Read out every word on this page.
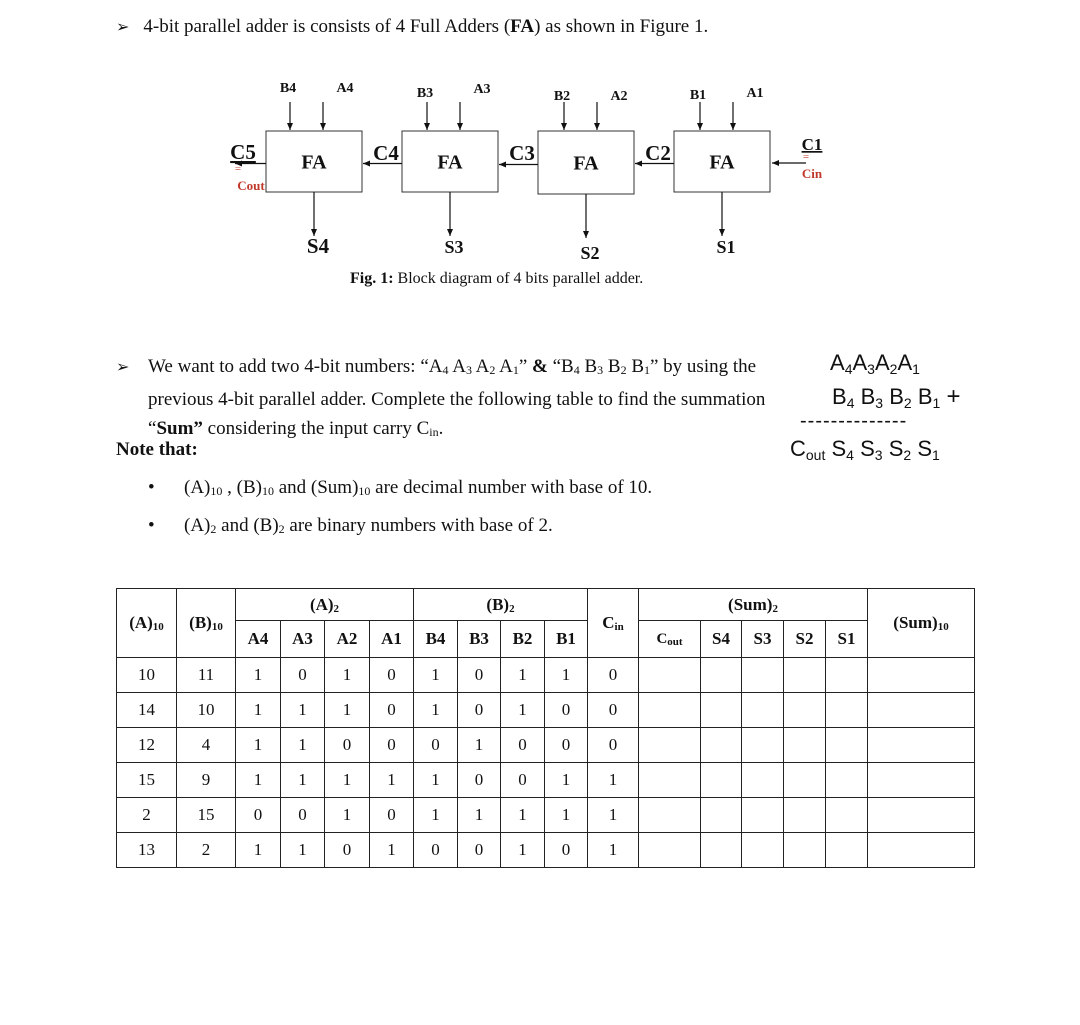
➢ 4-bit parallel adder is consists of 4 Full Adders (FA) as shown in Figure 1.
FA
B4	A4
S4
C5	FA
B3	A3
S3
C4	FA
B2	A2
S2
C3	FA
B1	A1
S1
C2	C1
=
Cin
=
Cout
Fig. 1: Block diagram of 4 bits parallel adder.
➢ We want to add two 4-bit numbers: “$A_4$ $A_3$ $A_2$ $A_1$” & “$B_4$ $B_3$ $B_2$ $B_1$” by using the previous 4-bit parallel adder. Complete the following table to find the summation “Sum” considering the input carry $C_{in}$.
Note that:
• $(A)_{10}$ , $(B)_{10}$ and $(Sum)_{10}$ are decimal number with base of 10.
• $(A)_2$ and $(B)_2$ are binary numbers with base of 2.
$A_4A_3A_2A_1$
$B_4$ $B_3$ $B_2$ $B_1$ +
--------------
$C_{out}$ $S_4$ $S_3$ $S_2$ $S_1$
$(A)_{10}$	$(B)_{10}$	$(A)_2$				$(B)_2$				$C_{in}$	$(Sum)_2$					$(Sum)_{10}$
		A4	A3	A2	A1	B4	B3	B2	B1		$C_{out}$	S4	S3	S2	S1	
10	11	1	0	1	0	1	0	1	1	0						
14	10	1	1	1	0	1	0	1	0	0						
12	4	1	1	0	0	0	1	0	0	0						
15	9	1	1	1	1	1	0	0	1	1						
2	15	0	0	1	0	1	1	1	1	1						
13	2	1	1	0	1	0	0	1	0	1						
